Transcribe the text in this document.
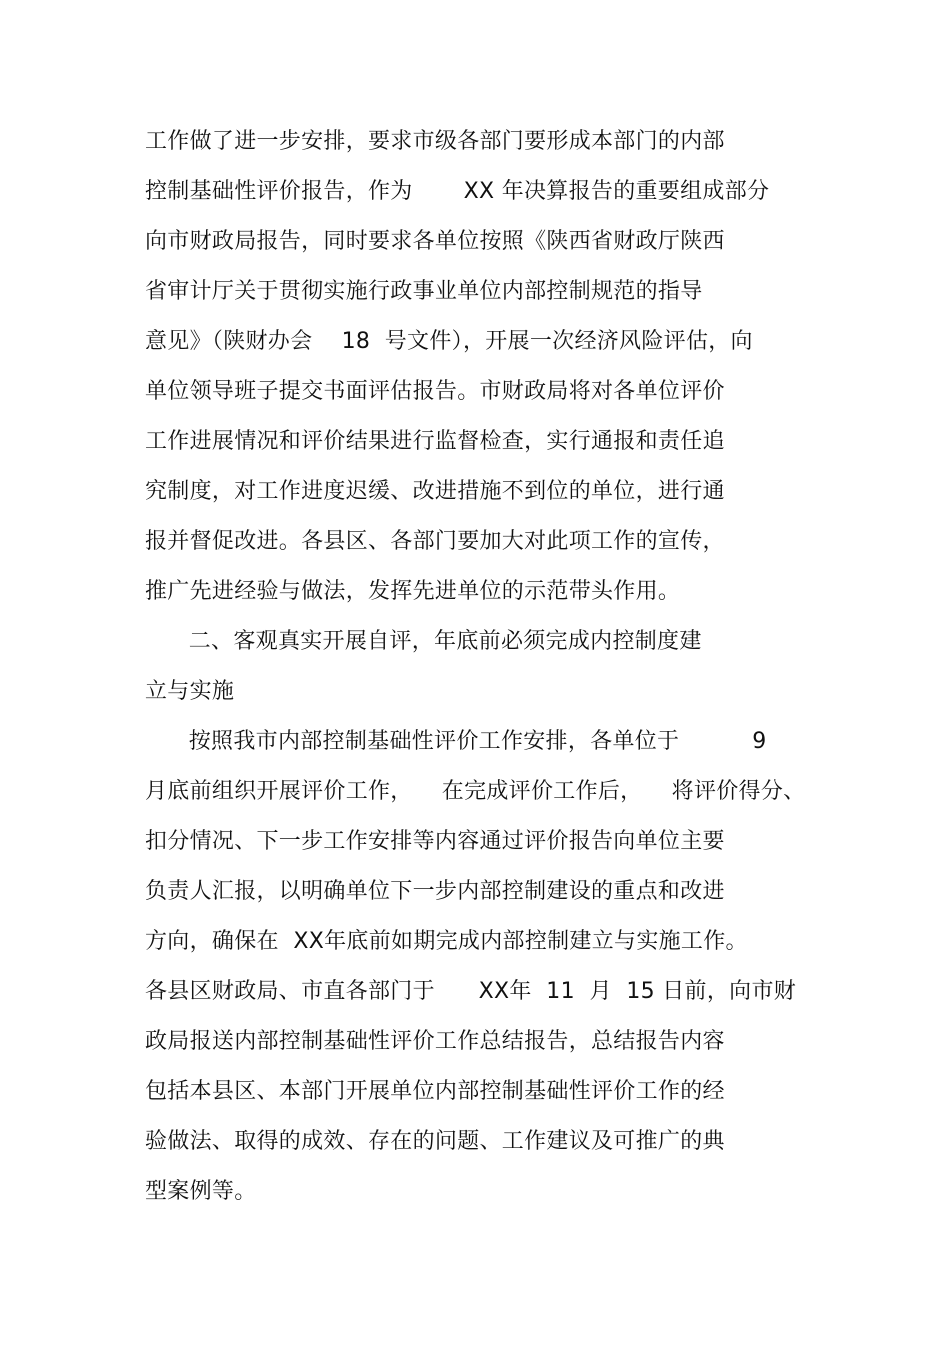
工作做了进一步安排，要求市级各部门要形成本部门的内部
控制基础性评价报告，作为       XX 年决算报告的重要组成部分
向市财政局报告，同时要求各单位按照《陕西省财政厅陕西
省审计厅关于贯彻实施行政事业单位内部控制规范的指导
意见》（陕财办会    18  号文件），开展一次经济风险评估，向
单位领导班子提交书面评估报告。市财政局将对各单位评价
工作进展情况和评价结果进行监督检查，实行通报和责任追
究制度，对工作进度迟缓、改进措施不到位的单位，进行通
报并督促改进。各县区、各部门要加大对此项工作的宣传，
推广先进经验与做法，发挥先进单位的示范带头作用。
二、客观真实开展自评，年底前必须完成内控制度建
立与实施
按照我市内部控制基础性评价工作安排，各单位于          9
月底前组织开展评价工作，    在完成评价工作后，    将评价得分、
扣分情况、下一步工作安排等内容通过评价报告向单位主要
负责人汇报，以明确单位下一步内部控制建设的重点和改进
方向，确保在  XX年底前如期完成内部控制建立与实施工作。
各县区财政局、市直各部门于      XX年  11  月  15 日前，向市财
政局报送内部控制基础性评价工作总结报告，总结报告内容
包括本县区、本部门开展单位内部控制基础性评价工作的经
验做法、取得的成效、存在的问题、工作建议及可推广的典
型案例等。
